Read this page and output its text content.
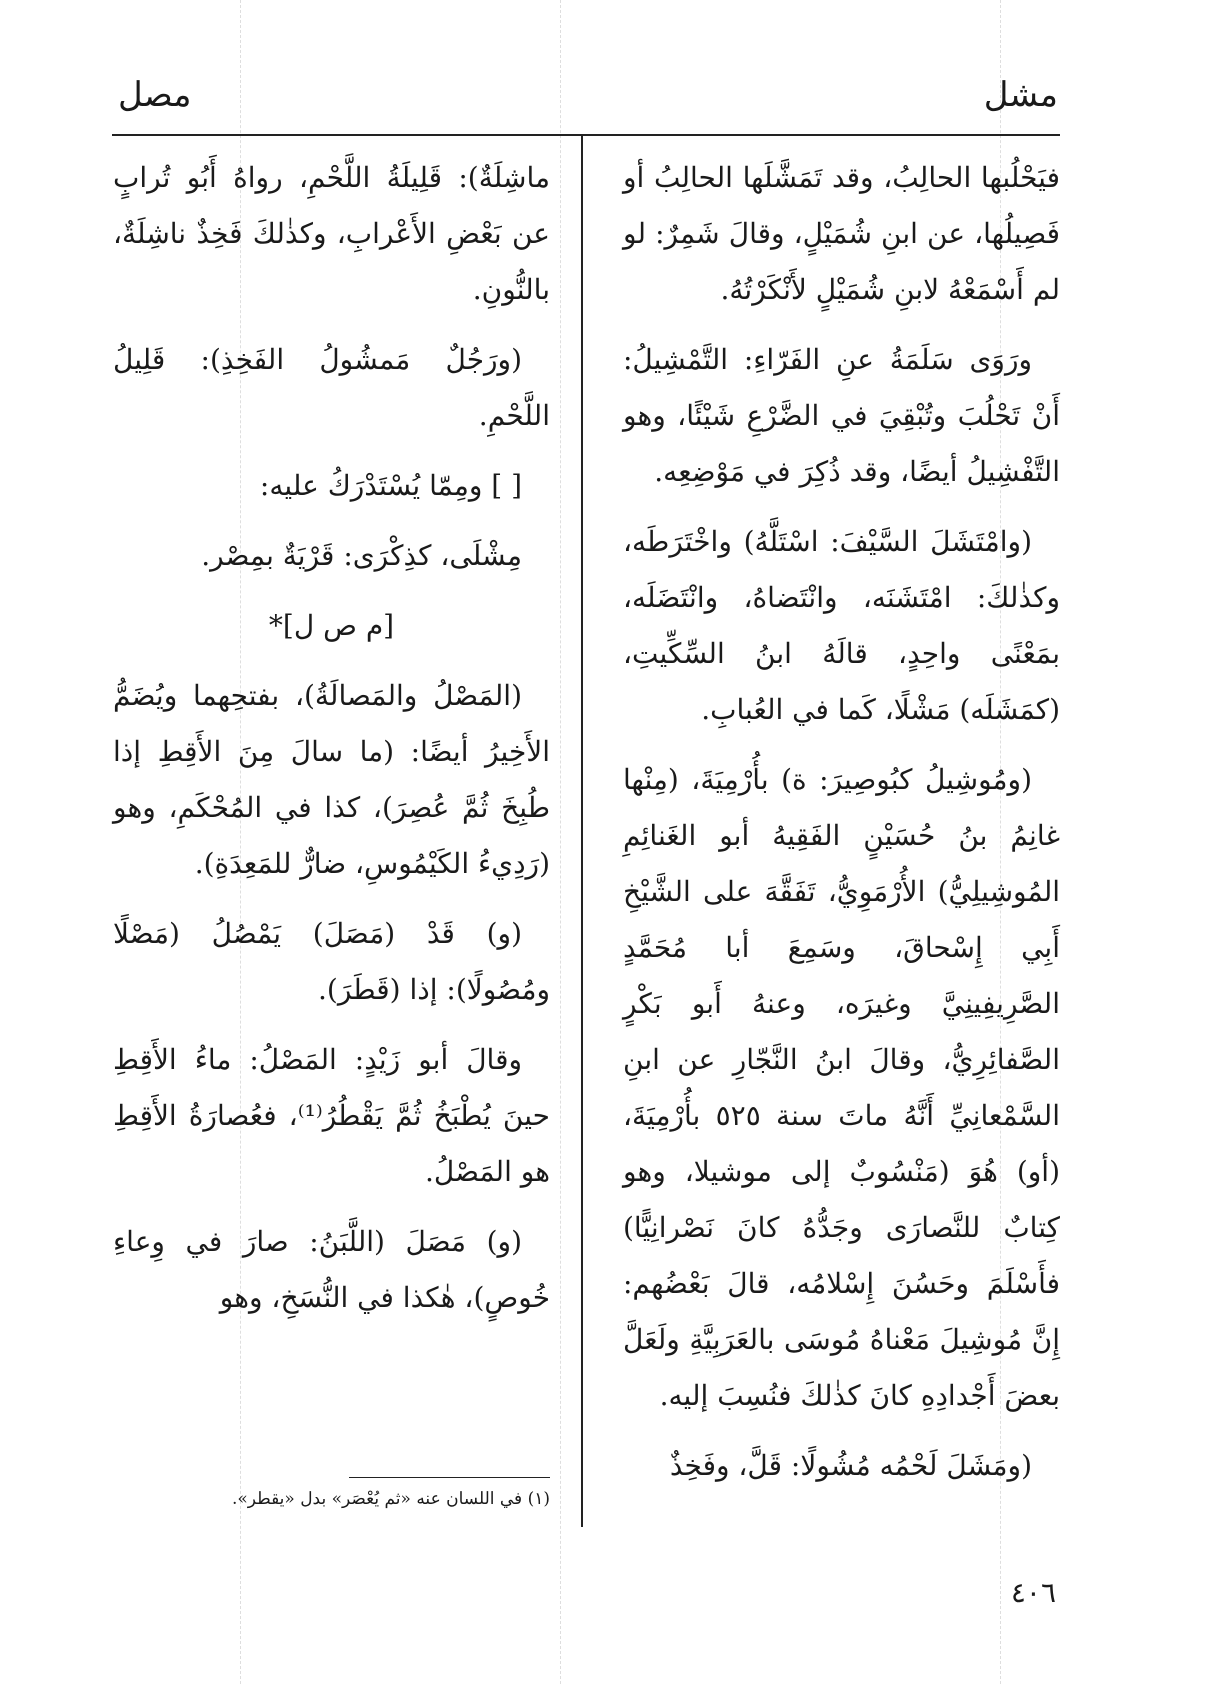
مشل
مصل

فيَحْلُبها الحالِبُ، وقد تَمَشَّلَها الحالِبُ أو فَصِيلُها، عن ابنِ شُمَيْلٍ، وقالَ شَمِرٌ: لو لم أَسْمَعْهُ لابنِ شُمَيْلٍ لأَنْكَرْتُهُ.

ورَوَى سَلَمَةُ عنِ الفَرّاءِ: التَّمْشِيلُ: أَنْ تَحْلُبَ وتُبْقِيَ في الضَّرْعِ شَيْئًا، وهو التَّفْشِيلُ أيضًا، وقد ذُكِرَ في مَوْضِعِه.

(وامْتَشَلَ السَّيْفَ: اسْتَلَّهُ) واخْتَرَطَه، وكذٰلكَ: امْتَشَنَه، وانْتَضاهُ، وانْتَضَلَه، بمَعْنًى واحِدٍ، قالَهُ ابنُ السِّكِّيتِ، (كمَشَلَه) مَشْلًا، كَما في العُبابِ.

(ومُوشِيلُ كبُوصِيرَ: ة) بأُرْمِيَةَ، (مِنْها غانِمُ بنُ حُسَيْنٍ الفَقِيهُ أبو الغَنائِمِ المُوشِيلِيُّ) الأُرْمَوِيُّ، تَفَقَّهَ على الشَّيْخِ أَبِي إِسْحاقَ، وسَمِعَ أبا مُحَمَّدٍ الصَّرِيفِينِيَّ وغيرَه، وعنهُ أَبو بَكْرٍ الصَّفائِرِيُّ، وقالَ ابنُ النَّجّارِ عن ابنِ السَّمْعانِيِّ أَنَّهُ ماتَ سنة ٥٢٥ بأُرْمِيَةَ، (أو) هُوَ (مَنْسُوبٌ إلى موشيلا، وهو كِتابٌ للنَّصارَى وجَدُّهُ كانَ نَصْرانِيًّا) فأَسْلَمَ وحَسُنَ إِسْلامُه، قالَ بَعْضُهم: إِنَّ مُوشِيلَ مَعْناهُ مُوسَى بالعَرَبِيَّةِ ولَعَلَّ بعضَ أَجْدادِهِ كانَ كذٰلكَ فنُسِبَ إليه.

(ومَشَلَ لَحْمُه مُشُولًا: قَلَّ، وفَخِذٌ

ماشِلَةٌ): قَلِيلَةُ اللَّحْمِ، رواهُ أَبُو تُرابٍ عن بَعْضِ الأَعْرابِ، وكذٰلكَ فَخِذٌ ناشِلَةٌ، بالنُّونِ.

(ورَجُلٌ مَمشُولُ الفَخِذِ): قَلِيلُ اللَّحْمِ.

[ ] ومِمّا يُسْتَدْرَكُ عليه:

مِشْلَى، كذِكْرَى: قَرْيَةٌ بمِصْر.

[م ص ل]*

(المَصْلُ والمَصالَةُ)، بفتحِهما ويُضَمُّ الأَخِيرُ أيضًا: (ما سالَ مِنَ الأَقِطِ إذا طُبِخَ ثُمَّ عُصِرَ)، كذا في المُحْكَمِ، وهو (رَدِيءُ الكَيْمُوسِ، ضارٌّ للمَعِدَةِ).

(و) قَدْ (مَصَلَ) يَمْصُلُ (مَصْلًا ومُصُولًا): إذا (قَطَرَ).

وقالَ أبو زَيْدٍ: المَصْلُ: ماءُ الأَقِطِ حينَ يُطْبَخُ ثُمَّ يَقْطُرُ⁽¹⁾، فعُصارَةُ الأَقِطِ هو المَصْلُ.

(و) مَصَلَ (اللَّبَنُ: صارَ في وِعاءِ خُوصٍ)، هٰكذا في النُّسَخِ، وهو

(١) في اللسان عنه «ثم يُعْصَر» بدل «يقطر».
٤٠٦
